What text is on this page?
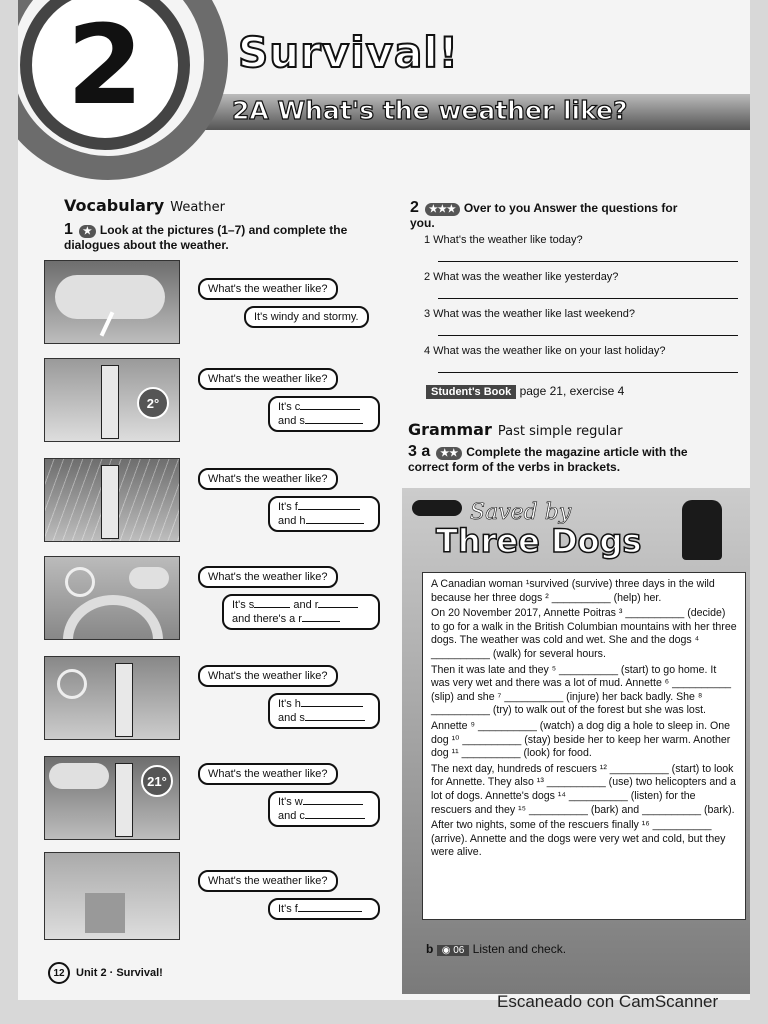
2	Survival!
2A What's the weather like?
Vocabulary Weather
1 ★ Look at the pictures (1–7) and complete the dialogues about the weather.
2°
21°
What's the weather like?
It's windy and stormy.
What's the weather like?
It's c
and s
What's the weather like?
It's f
and h
What's the weather like?
It's s	and r
and there's a r
What's the weather like?
It's h
and s
What's the weather like?
It's w
and c
What's the weather like?
It's f
2 ★★★ Over to you Answer the questions for you.
1 What's the weather like today?
2 What was the weather like yesterday?
3 What was the weather like last weekend?
4 What was the weather like on your last holiday?
Student's Book page 21, exercise 4
Grammar Past simple regular
3 a ★★ Complete the magazine article with the correct form of the verbs in brackets.
Saved by
Three Dogs

A Canadian woman ¹survived (survive) three days in the wild because her three dogs ² __________ (help) her.

On 20 November 2017, Annette Poitras ³ __________ (decide) to go for a walk in the British Columbian mountains with her three dogs. The weather was cold and wet. She and the dogs ⁴ __________ (walk) for several hours.

Then it was late and they ⁵ __________ (start) to go home. It was very wet and there was a lot of mud. Annette ⁶ __________ (slip) and she ⁷ __________ (injure) her back badly. She ⁸ __________ (try) to walk out of the forest but she was lost.

Annette ⁹ __________ (watch) a dog dig a hole to sleep in. One dog ¹⁰ __________ (stay) beside her to keep her warm. Another dog ¹¹ __________ (look) for food.

The next day, hundreds of rescuers ¹² __________ (start) to look for Annette. They also ¹³ __________ (use) two helicopters and a lot of dogs. Annette's dogs ¹⁴ __________ (listen) for the rescuers and they ¹⁵ __________ (bark) and __________ (bark).

After two nights, some of the rescuers finally ¹⁶ __________ (arrive). Annette and the dogs were very wet and cold, but they were alive.

b ◉ 06 Listen and check.
12	Unit 2 · Survival!
Escaneado con CamScanner
